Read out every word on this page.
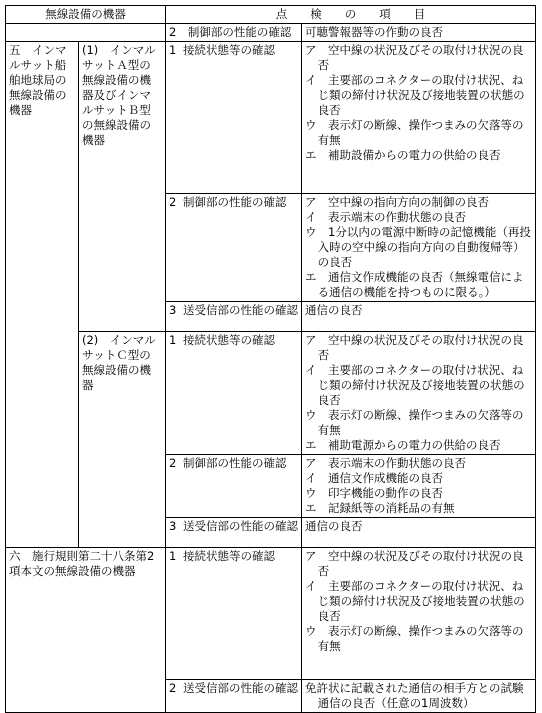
無線設備の機器		点　　検　　の　　項　　目	
		2　制御部の性能の確認	可聴警報器等の作動の良否

五　インマルサット船舶地球局の無線設備の機器	(1)　インマルサットＡ型の無線設備の機器及びインマルサットＢ型の無線設備の機器	1 接続状態等の確認	ア　空中線の状況及びその取付け状況の良否
イ　主要部のコネクターの取付け状況、ねじ類の締付け状況及び接地装置の状態の良否
ウ　表示灯の断線、操作つまみの欠落等の有無
エ　補助設備からの電力の供給の良否

		2 制御部の性能の確認	ア　空中線の指向方向の制御の良否
イ　表示端末の作動状態の良否
ウ　1分以内の電源中断時の記憶機能（再投入時の空中線の指向方向の自動復帰等）の良否
エ　通信文作成機能の良否（無線電信による通信の機能を持つものに限る。）

		3 送受信部の性能の確認	通信の良否

	(2)　インマルサットＣ型の無線設備の機器	1 接続状態等の確認	ア　空中線の状況及びその取付け状況の良否
イ　主要部のコネクターの取付け状況、ねじ類の締付け状況及び接地装置の状態の良否
ウ　表示灯の断線、操作つまみの欠落等の有無
エ　補助電源からの電力の供給の良否

		2 制御部の性能の確認	ア　表示端末の作動状態の良否
イ　通信文作成機能の良否
ウ　印字機能の動作の良否
エ　記録紙等の消耗品の有無

		3 送受信部の性能の確認	通信の良否

六　施行規則第二十八条第2項本文の無線設備の機器		1 接続状態等の確認	ア　空中線の状況及びその取付け状況の良否
イ　主要部のコネクターの取付け状況、ねじ類の締付け状況及び接地装置の状態の良否
ウ　表示灯の断線、操作つまみの欠落等の有無

		2 送受信部の性能の確認	免許状に記載された通信の相手方との試験通信の良否（任意の1周波数）
